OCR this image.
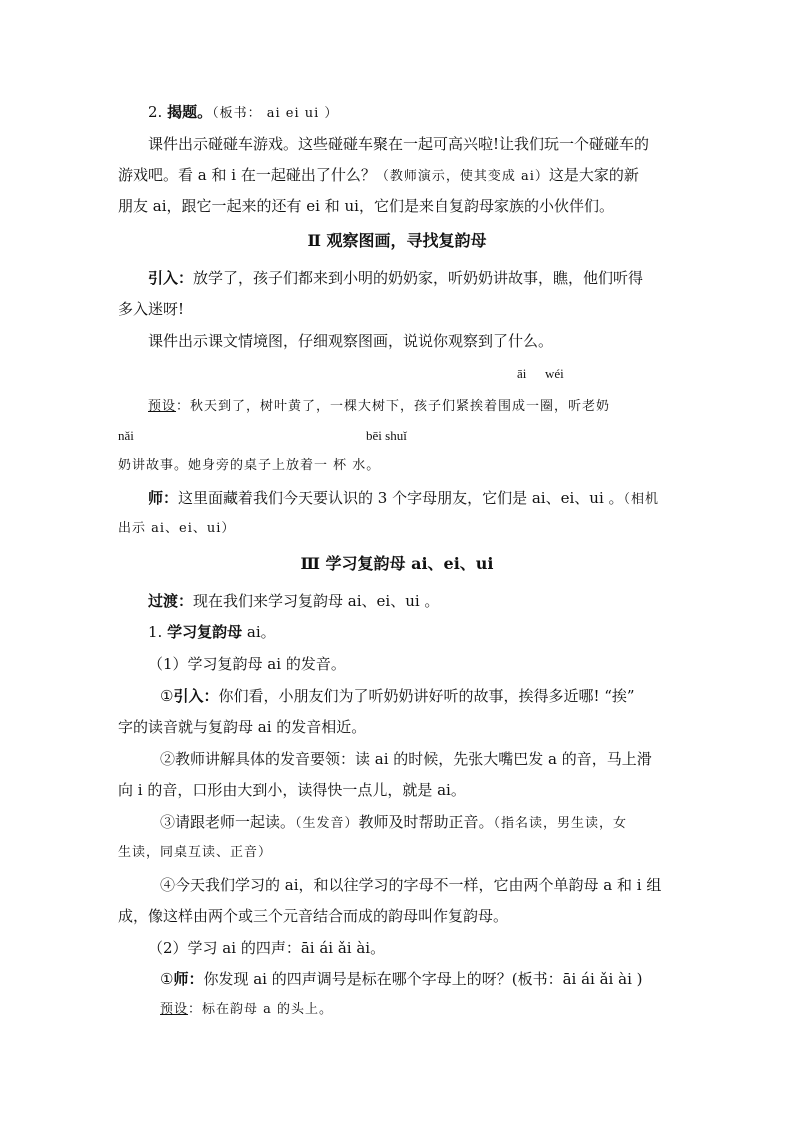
2. 揭题。（板书： ai ei ui ）
课件出示碰碰车游戏。这些碰碰车聚在一起可高兴啦!让我们玩一个碰碰车的
游戏吧。看 a 和 i 在一起碰出了什么？（教师演示，使其变成 ai）这是大家的新
朋友 ai，跟它一起来的还有 ei 和 ui，它们是来自复韵母家族的小伙伴们。
Ⅱ 观察图画，寻找复韵母
引入：放学了，孩子们都来到小明的奶奶家，听奶奶讲故事，瞧，他们听得
多入迷呀!
课件出示课文情境图，仔细观察图画，说说你观察到了什么。
āi wéi
预设：秋天到了，树叶黄了，一棵大树下，孩子们紧挨着围成一圈，听老奶
nǎi	bēi shuǐ
奶讲故事。她身旁的桌子上放着一 杯 水。
师：这里面藏着我们今天要认识的 3 个字母朋友，它们是 ai、ei、ui 。（相机
出示 ai、ei、ui）
Ⅲ 学习复韵母 ai、ei、ui
过渡：现在我们来学习复韵母 ai、ei、ui 。
1. 学习复韵母 ai。
（1）学习复韵母 ai 的发音。
①引入：你们看，小朋友们为了听奶奶讲好听的故事，挨得多近哪! “挨”
字的读音就与复韵母 ai 的发音相近。
②教师讲解具体的发音要领：读 ai 的时候，先张大嘴巴发 a 的音，马上滑
向 i 的音，口形由大到小，读得快一点儿，就是 ai。
③请跟老师一起读。（生发音）教师及时帮助正音。（指名读，男生读，女
生读，同桌互读、正音）
④今天我们学习的 ai，和以往学习的字母不一样，它由两个单韵母 a 和 i 组
成，像这样由两个或三个元音结合而成的韵母叫作复韵母。
（2）学习 ai 的四声：āi ái ǎi ài。
①师：你发现 ai 的四声调号是标在哪个字母上的呀？(板书：āi ái ǎi ài )
预设：标在韵母 a 的头上。
